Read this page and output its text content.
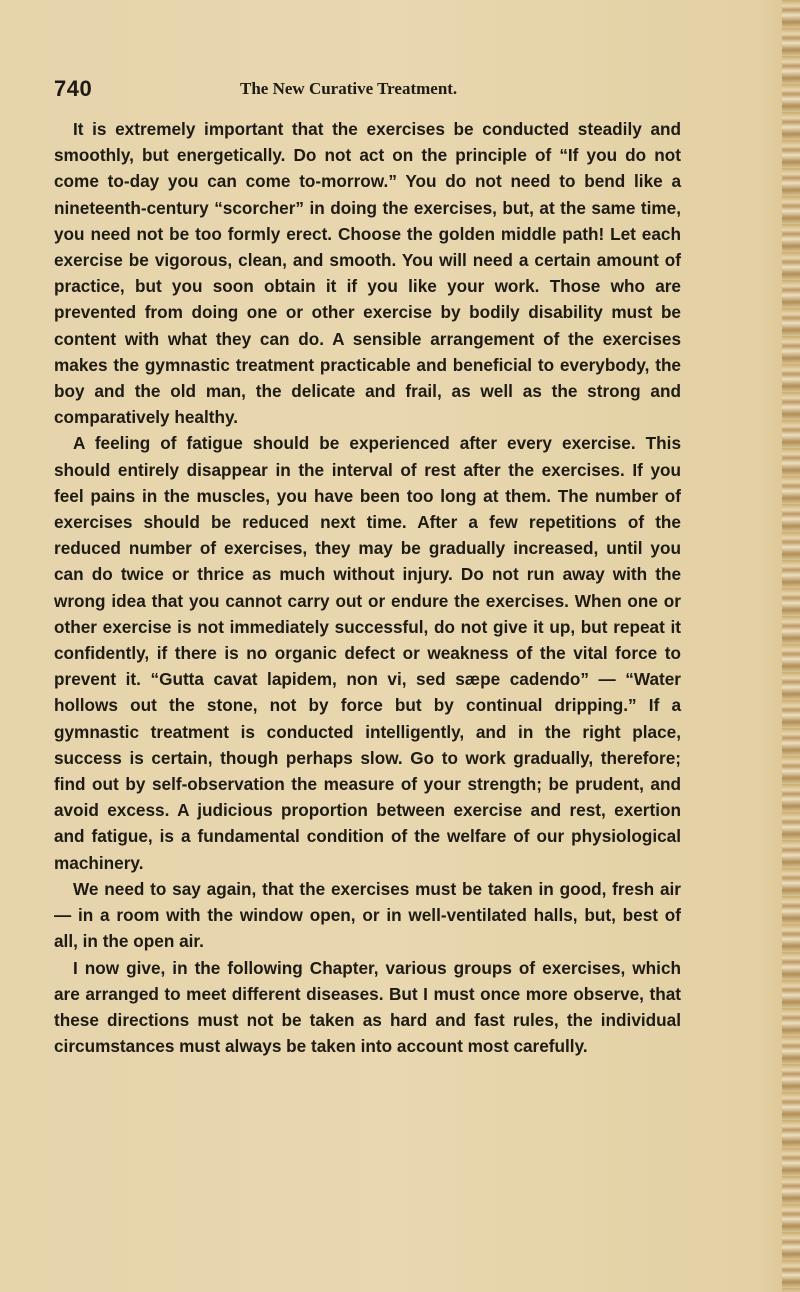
740	The New Curative Treatment.

It is extremely important that the exercises be conducted steadily and smoothly, but energetically. Do not act on the principle of “If you do not come to-day you can come to-morrow.” You do not need to bend like a nineteenth-century “scorcher” in doing the exercises, but, at the same time, you need not be too formly erect. Choose the golden middle path! Let each exercise be vigorous, clean, and smooth. You will need a certain amount of practice, but you soon obtain it if you like your work. Those who are prevented from doing one or other exercise by bodily disability must be content with what they can do. A sensible arrangement of the exercises makes the gymnastic treatment practicable and beneficial to everybody, the boy and the old man, the delicate and frail, as well as the strong and comparatively healthy.

A feeling of fatigue should be experienced after every exercise. This should entirely disappear in the interval of rest after the exercises. If you feel pains in the muscles, you have been too long at them. The number of exercises should be reduced next time. After a few repetitions of the reduced number of exercises, they may be gradually increased, until you can do twice or thrice as much without injury. Do not run away with the wrong idea that you cannot carry out or endure the exercises. When one or other exercise is not immediately successful, do not give it up, but repeat it confidently, if there is no organic defect or weakness of the vital force to prevent it. “Gutta cavat lapidem, non vi, sed sæpe cadendo” — “Water hollows out the stone, not by force but by continual dripping.” If a gymnastic treatment is conducted intelligently, and in the right place, success is certain, though perhaps slow. Go to work gradually, therefore; find out by self-observation the measure of your strength; be prudent, and avoid excess. A judicious proportion between exercise and rest, exertion and fatigue, is a fundamental condition of the welfare of our physiological machinery.

We need to say again, that the exercises must be taken in good, fresh air — in a room with the window open, or in well-ventilated halls, but, best of all, in the open air.

I now give, in the following Chapter, various groups of exercises, which are arranged to meet different diseases. But I must once more observe, that these directions must not be taken as hard and fast rules, the individual circumstances must always be taken into account most carefully.
